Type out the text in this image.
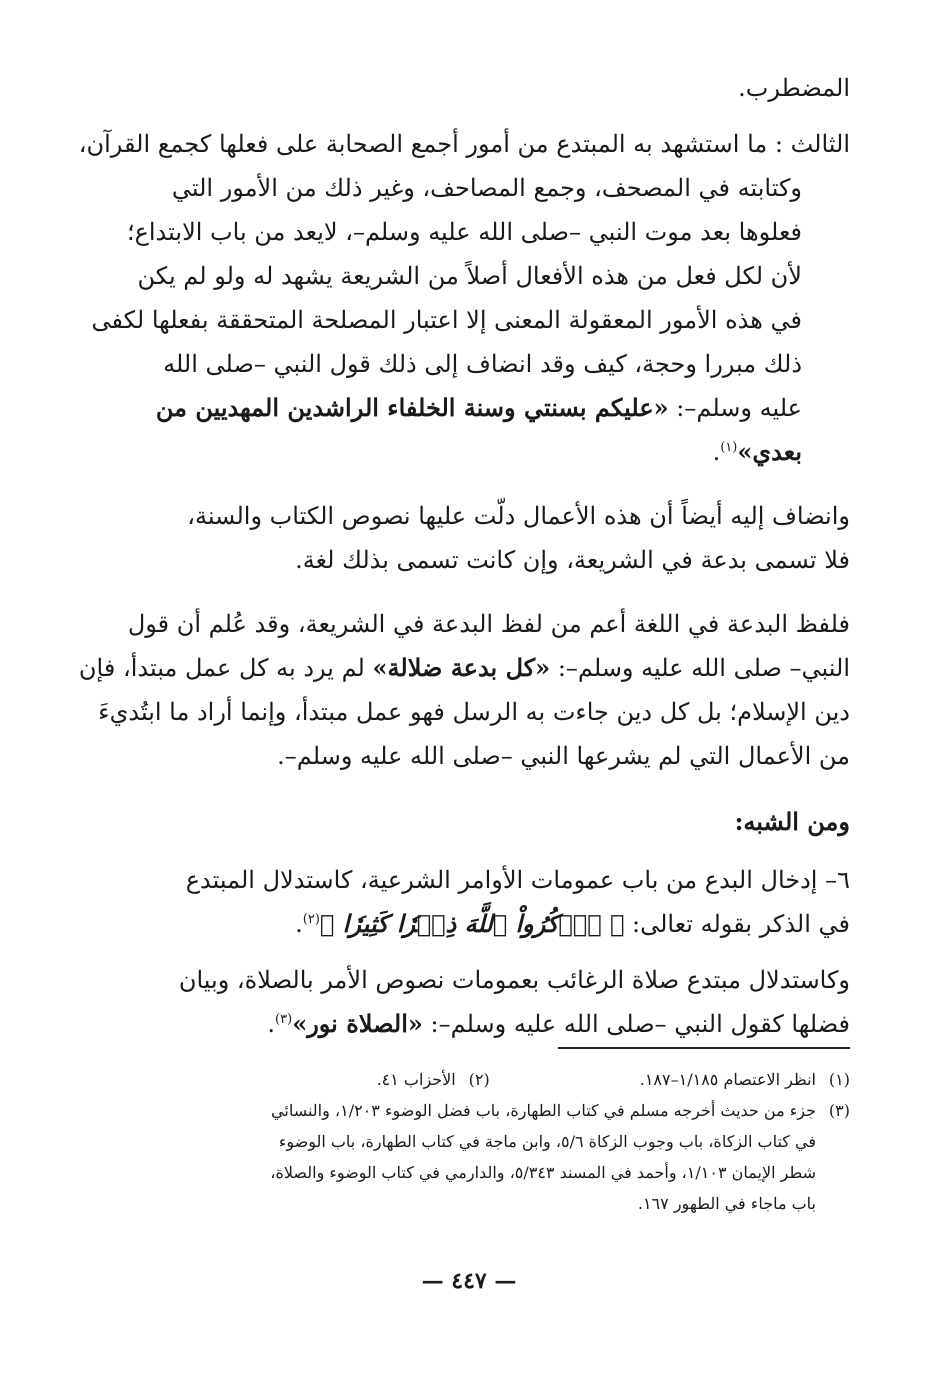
المضطرب.
الثالث : ما استشهد به المبتدع من أمور أجمع الصحابة على فعلها كجمع القرآن،
وكتابته في المصحف، وجمع المصاحف، وغير ذلك من الأمور التي
فعلوها بعد موت النبي –صلى الله عليه وسلم–، لايعد من باب الابتداع؛
لأن لكل فعل من هذه الأفعال أصلاً من الشريعة يشهد له ولو لم يكن
في هذه الأمور المعقولة المعنى إلا اعتبار المصلحة المتحققة بفعلها لكفى
ذلك مبررا وحجة، كيف وقد انضاف إلى ذلك قول النبي –صلى الله
عليه وسلم–: «عليكم بسنتي وسنة الخلفاء الراشدين المهديين من
بعدي»$^{(١)}$.
وانضاف إليه أيضاً أن هذه الأعمال دلّت عليها نصوص الكتاب والسنة،
فلا تسمى بدعة في الشريعة، وإن كانت تسمى بذلك لغة.
فلفظ البدعة في اللغة أعم من لفظ البدعة في الشريعة، وقد عُلم أن قول
النبي– صلى الله عليه وسلم–: «كل بدعة ضلالة» لم يرد به كل عمل مبتدأ، فإن
دين الإسلام؛ بل كل دين جاءت به الرسل فهو عمل مبتدأ، وإنما أراد ما ابتُديءَ
من الأعمال التي لم يشرعها النبي –صلى الله عليه وسلم–.
ومن الشبه:
٦– إدخال البدع من باب عمومات الأوامر الشرعية، كاستدلال المبتدع
في الذكر بقوله تعالى: ﴿ ٱذۡكُرُواْ ٱللَّهَ ذِكۡرٗا كَثِيرٗا ﴾$^{(٢)}$.
وكاستدلال مبتدع صلاة الرغائب بعمومات نصوص الأمر بالصلاة، وبيان
فضلها كقول النبي –صلى الله عليه وسلم–: «الصلاة نور»$^{(٣)}$.
(١)انظر الاعتصام ١/١٨٥–١٨٧.(٢)الأحزاب ٤١.
(٣)جزء من حديث أخرجه مسلم في كتاب الطهارة، باب فضل الوضوء ١/٢٠٣، والنسائي
في كتاب الزكاة، باب وجوب الزكاة ٥/٦، وابن ماجة في كتاب الطهارة، باب الوضوء
شطر الإيمان ١/١٠٣، وأحمد في المسند ٥/٣٤٣، والدارمي في كتاب الوضوء والصلاة،
باب ماجاء في الطهور ١٦٧.
— ٤٤٧ —
